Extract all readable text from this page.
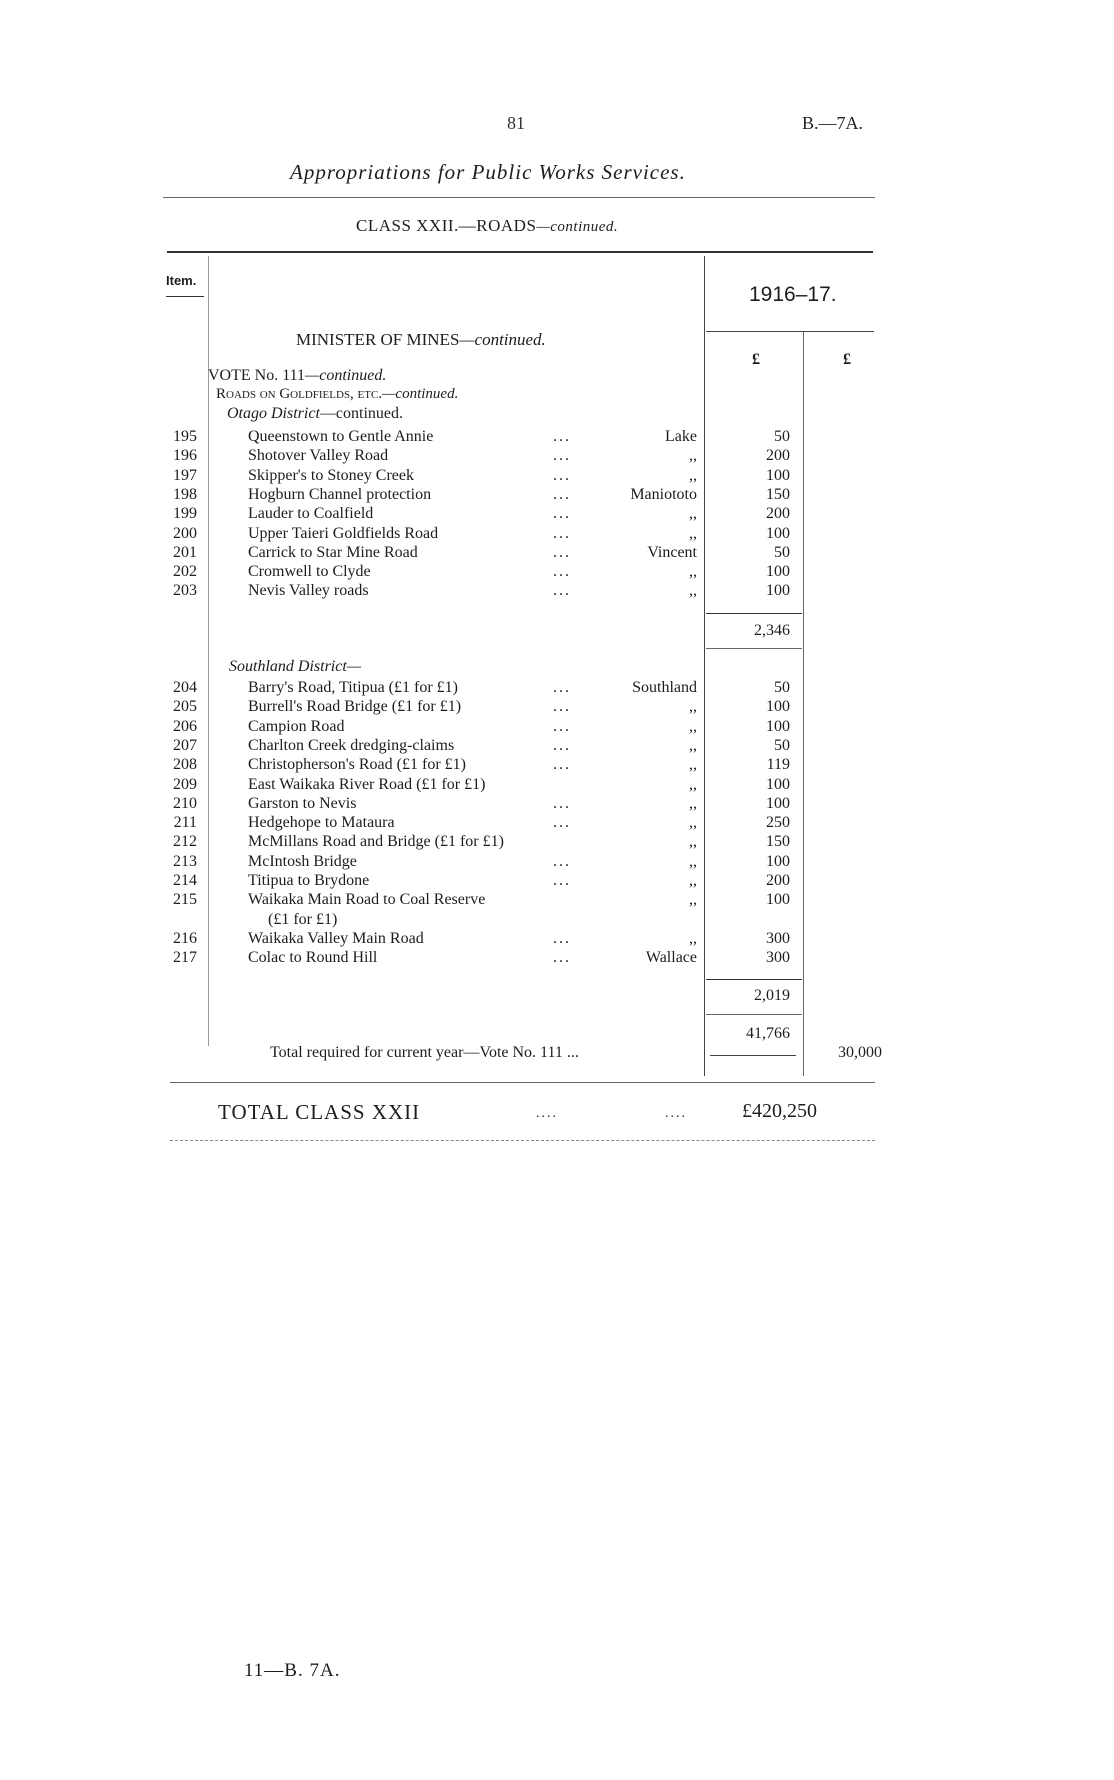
81	B.—7A.
Appropriations for Public Works Services.
CLASS XXII.—ROADS—continued.
Item.
1916–17.
£	£
MINISTER OF MINES—continued.
VOTE No. 111—continued.
Roads on Goldfields, etc.—continued.
Otago District—continued.
195	Queenstown to Gentle Annie	...	Lake	50
196	Shotover Valley Road	...	,,	200
197	Skipper's to Stoney Creek	...	,,	100
198	Hogburn Channel protection	...	Maniototo	150
199	Lauder to Coalfield	...	,,	200
200	Upper Taieri Goldfields Road	...	,,	100
201	Carrick to Star Mine Road	...	Vincent	50
202	Cromwell to Clyde	...	,,	100
203	Nevis Valley roads	...	,,	100
2,346
Southland District—
204	Barry's Road, Titipua (£1 for £1)	...	Southland	50
205	Burrell's Road Bridge (£1 for £1)	...	,,	100
206	Campion Road	...	,,	100
207	Charlton Creek dredging-claims	...	,,	50
208	Christopherson's Road (£1 for £1)	...	,,	119
209	East Waikaka River Road (£1 for £1)	,,	100
210	Garston to Nevis	...	,,	100
211	Hedgehope to Mataura	...	,,	250
212	McMillans Road and Bridge (£1 for £1)	,,	150
213	McIntosh Bridge	...	,,	100
214	Titipua to Brydone	...	,,	200
215	Waikaka Main Road to Coal Reserve	,,	100
(£1 for £1)
216	Waikaka Valley Main Road	...	,,	300
217	Colac to Round Hill	...	Wallace	300
2,019
41,766
Total required for current year—Vote No. 111 ...	30,000
TOTAL CLASS XXII	....	....	£420,250
11—B. 7A.
